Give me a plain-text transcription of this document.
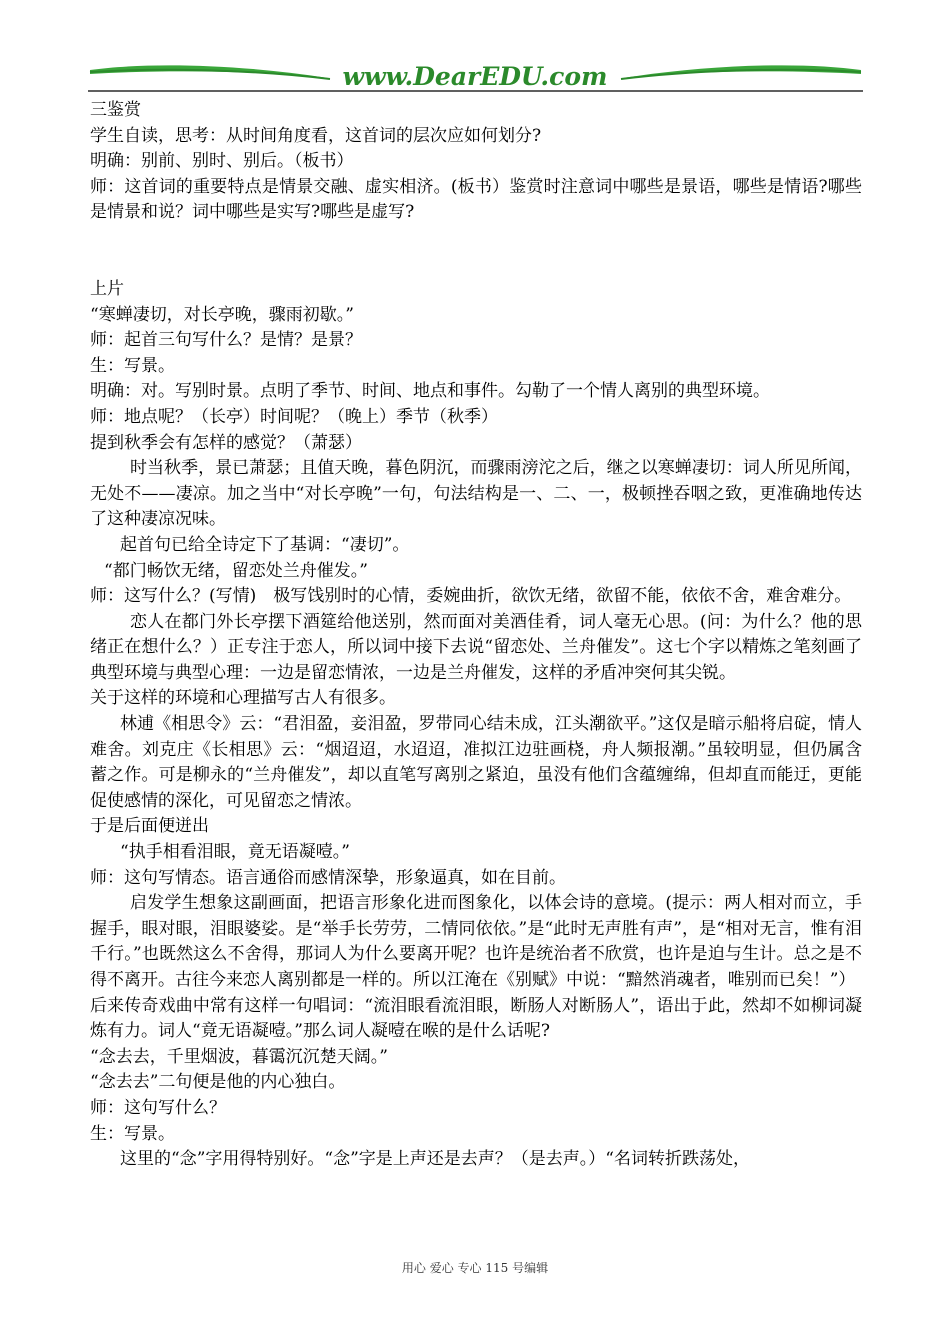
www.DearEDU.com

三鉴赏

学生自读，思考：从时间角度看，这首词的层次应如何划分?

明确：别前、别时、别后。（板书）

师：这首词的重要特点是情景交融、虚实相济。(板书）鉴赏时注意词中哪些是景语，哪些是情语?哪些是情景和说？词中哪些是实写?哪些是虚写?

上片

“寒蝉凄切，对长亭晚，骤雨初歇。”

师：起首三句写什么？是情？是景？

生：写景。

明确：对。写别时景。点明了季节、时间、地点和事件。勾勒了一个情人离别的典型环境。

师：地点呢？（长亭）时间呢？（晚上）季节（秋季）

提到秋季会有怎样的感觉？（萧瑟）

时当秋季，景已萧瑟；且值天晚，暮色阴沉，而骤雨滂沱之后，继之以寒蝉凄切：词人所见所闻，无处不——凄凉。加之当中“对长亭晚”一句，句法结构是一、二、一，极顿挫吞咽之致，更准确地传达了这种凄凉况味。

起首句已给全诗定下了基调：“凄切”。

“都门畅饮无绪，留恋处兰舟催发。”

师：这写什么？(写情)　极写饯别时的心情，委婉曲折，欲饮无绪，欲留不能，依依不舍，难舍难分。

恋人在都门外长亭摆下酒筵给他送别，然而面对美酒佳肴，词人毫无心思。(问：为什么？他的思绪正在想什么？）正专注于恋人，所以词中接下去说“留恋处、兰舟催发”。这七个字以精炼之笔刻画了典型环境与典型心理：一边是留恋情浓，一边是兰舟催发，这样的矛盾冲突何其尖锐。

关于这样的环境和心理描写古人有很多。

林逋《相思令》云：“君泪盈，妾泪盈，罗带同心结未成，江头潮欲平。”这仅是暗示船将启碇，情人难舍。刘克庄《长相思》云：“烟迢迢，水迢迢，准拟江边驻画桡，舟人频报潮。”虽较明显，但仍属含蓄之作。可是柳永的“兰舟催发”，却以直笔写离别之紧迫，虽没有他们含蕴缠绵，但却直而能迂，更能促使感情的深化，可见留恋之情浓。

于是后面便迸出

“执手相看泪眼，竟无语凝噎。”

师：这句写情态。语言通俗而感情深挚，形象逼真，如在目前。

启发学生想象这副画面，把语言形象化进而图象化，以体会诗的意境。(提示：两人相对而立，手握手，眼对眼，泪眼婆娑。是“举手长劳劳，二情同依依。”是“此时无声胜有声”，是“相对无言，惟有泪千行。”也既然这么不舍得，那词人为什么要离开呢？也许是统治者不欣赏，也许是迫与生计。总之是不得不离开。古往今来恋人离别都是一样的。所以江淹在《别赋》中说：“黯然消魂者，唯别而已矣！”）

后来传奇戏曲中常有这样一句唱词：“流泪眼看流泪眼，断肠人对断肠人”，语出于此，然却不如柳词凝炼有力。词人“竟无语凝噎。”那么词人凝噎在喉的是什么话呢?

“念去去，千里烟波，暮霭沉沉楚天阔。”

“念去去”二句便是他的内心独白。

师：这句写什么？

生：写景。

这里的“念”字用得特别好。“念”字是上声还是去声？（是去声。）“名词转折跌荡处，

用心 爱心 专心 115 号编辑
